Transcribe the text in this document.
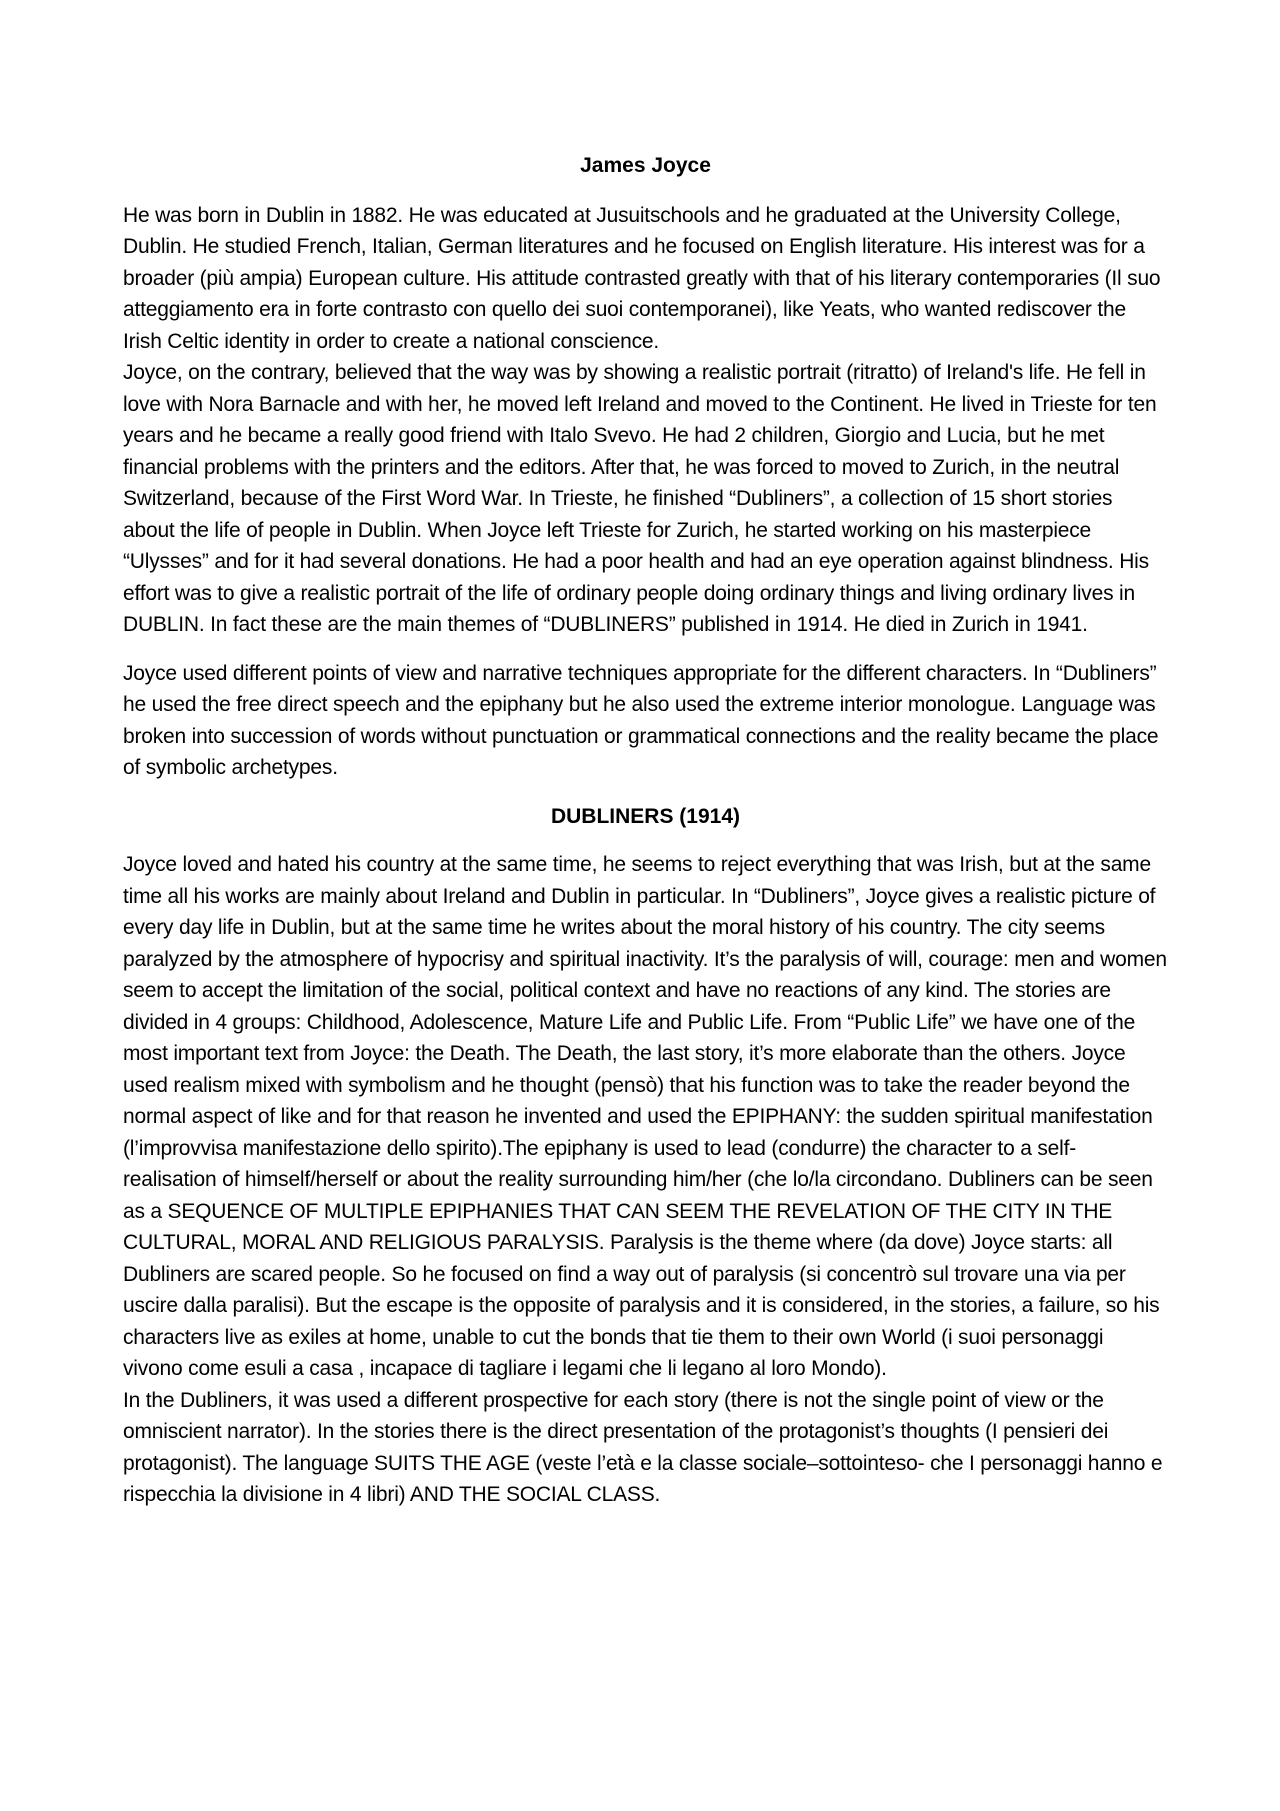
James Joyce

He was born in Dublin in 1882. He was educated at Jusuitschools and he graduated at the University College, Dublin. He studied French, Italian, German literatures and he focused on English literature. His interest was for a broader (più ampia) European culture. His attitude contrasted greatly with that of his literary contemporaries (Il suo atteggiamento era in forte contrasto con quello dei suoi contemporanei), like Yeats, who wanted rediscover the Irish Celtic identity in order to create a national conscience.

Joyce, on the contrary, believed that the way was by showing a realistic portrait (ritratto) of Ireland's life. He fell in love with Nora Barnacle and with her, he moved left Ireland and moved to the Continent. He lived in Trieste for ten years and he became a really good friend with Italo Svevo. He had 2 children, Giorgio and Lucia, but he met financial problems with the printers and the editors. After that, he was forced to moved to Zurich, in the neutral Switzerland, because of the First Word War. In Trieste, he finished “Dubliners”, a collection of 15 short stories about the life of people in Dublin. When Joyce left Trieste for Zurich, he started working on his masterpiece “Ulysses” and for it had several donations. He had a poor health and had an eye operation against blindness. His effort was to give a realistic portrait of the life of ordinary people doing ordinary things and living ordinary lives in DUBLIN. In fact these are the main themes of “DUBLINERS” published in 1914. He died in Zurich in 1941.

Joyce used different points of view and narrative techniques appropriate for the different characters. In “Dubliners” he used the free direct speech and the epiphany but he also used the extreme interior monologue. Language was broken into succession of words without punctuation or grammatical connections and the reality became the place of symbolic archetypes.

DUBLINERS (1914)

Joyce loved and hated his country at the same time, he seems to reject everything that was Irish, but at the same time all his works are mainly about Ireland and Dublin in particular. In “Dubliners”, Joyce gives a realistic picture of every day life in Dublin, but at the same time he writes about the moral history of his country. The city seems paralyzed by the atmosphere of hypocrisy and spiritual inactivity. It’s the paralysis of will, courage: men and women seem to accept the limitation of the social, political context and have no reactions of any kind. The stories are divided in 4 groups: Childhood, Adolescence, Mature Life and Public Life. From “Public Life” we have one of the most important text from Joyce: the Death. The Death, the last story, it’s more elaborate than the others. Joyce used realism mixed with symbolism and he thought (pensò) that his function was to take the reader beyond the normal aspect of like and for that reason he invented and used the EPIPHANY: the sudden spiritual manifestation (l’improvvisa manifestazione dello spirito).The epiphany is used to lead (condurre) the character to a self-realisation of himself/herself or about the reality surrounding him/her (che lo/la circondano. Dubliners can be seen as a SEQUENCE OF MULTIPLE EPIPHANIES THAT CAN SEEM THE REVELATION OF THE CITY IN THE CULTURAL, MORAL AND RELIGIOUS PARALYSIS. Paralysis is the theme where (da dove) Joyce starts: all Dubliners are scared people. So he focused on find a way out of paralysis (si concentrò sul trovare una via per uscire dalla paralisi). But the escape is the opposite of paralysis and it is considered, in the stories, a failure, so his characters live as exiles at home, unable to cut the bonds that tie them to their own World (i suoi personaggi vivono come esuli a casa , incapace di tagliare i legami che li legano al loro Mondo).

In the Dubliners, it was used a different prospective for each story (there is not the single point of view or the omniscient narrator). In the stories there is the direct presentation of the protagonist’s thoughts (I pensieri dei protagonist). The language SUITS THE AGE (veste l’età e la classe sociale–sottointeso- che I personaggi hanno e rispecchia la divisione in 4 libri) AND THE SOCIAL CLASS.
